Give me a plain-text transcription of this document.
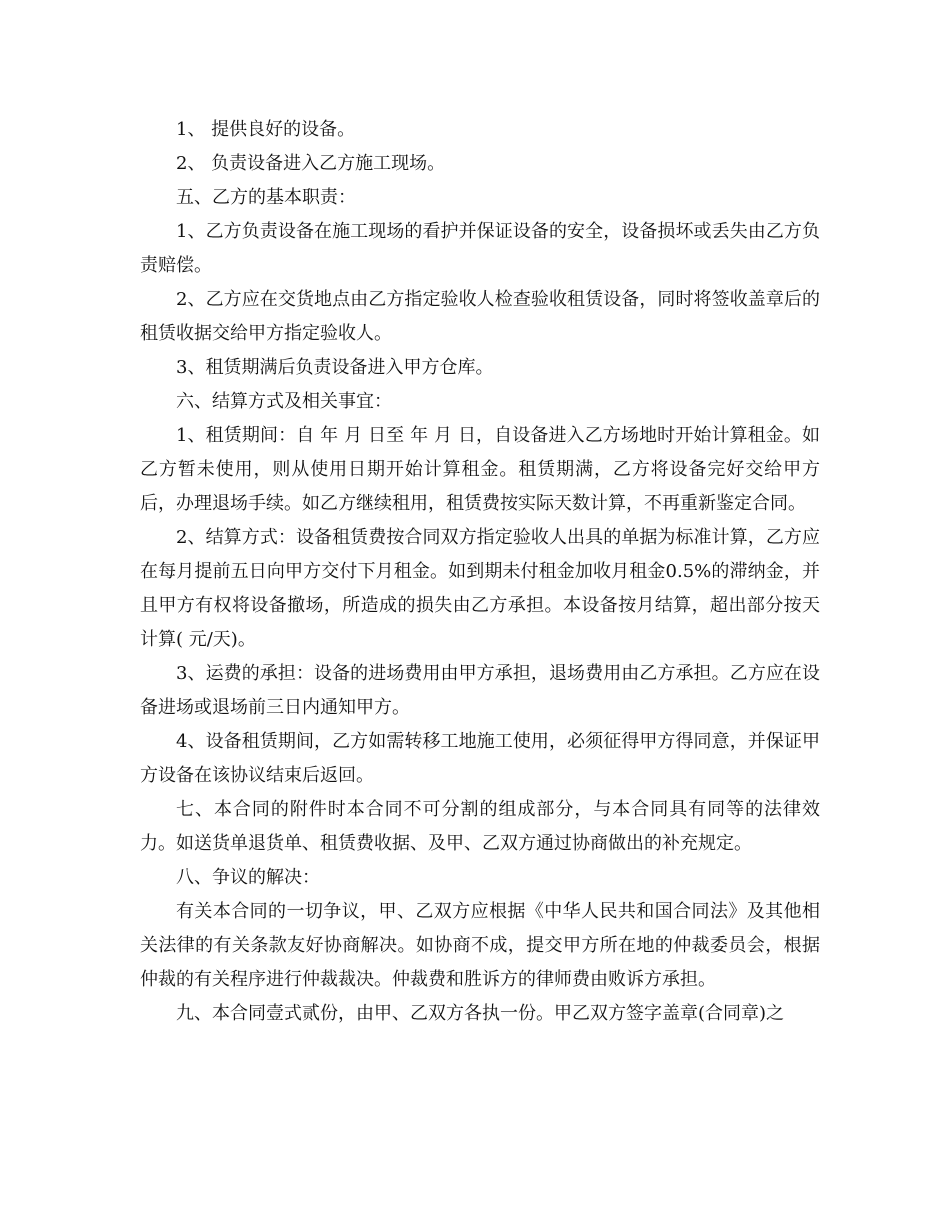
1、 提供良好的设备。

2、 负责设备进入乙方施工现场。

五、乙方的基本职责：

1、乙方负责设备在施工现场的看护并保证设备的安全，设备损坏或丢失由乙方负责赔偿。

2、乙方应在交货地点由乙方指定验收人检查验收租赁设备，同时将签收盖章后的租赁收据交给甲方指定验收人。

3、租赁期满后负责设备进入甲方仓库。

六、结算方式及相关事宜：

1、租赁期间：自 年 月 日至 年 月 日，自设备进入乙方场地时开始计算租金。如乙方暂未使用，则从使用日期开始计算租金。租赁期满，乙方将设备完好交给甲方后，办理退场手续。如乙方继续租用，租赁费按实际天数计算，不再重新鉴定合同。

2、结算方式：设备租赁费按合同双方指定验收人出具的单据为标准计算，乙方应在每月提前五日向甲方交付下月租金。如到期未付租金加收月租金0.5%的滞纳金，并且甲方有权将设备撤场，所造成的损失由乙方承担。本设备按月结算，超出部分按天计算( 元/天)。

3、运费的承担：设备的进场费用由甲方承担，退场费用由乙方承担。乙方应在设备进场或退场前三日内通知甲方。

4、设备租赁期间，乙方如需转移工地施工使用，必须征得甲方得同意，并保证甲方设备在该协议结束后返回。

七、本合同的附件时本合同不可分割的组成部分，与本合同具有同等的法律效力。如送货单退货单、租赁费收据、及甲、乙双方通过协商做出的补充规定。

八、争议的解决：

有关本合同的一切争议，甲、乙双方应根据《中华人民共和国合同法》及其他相关法律的有关条款友好协商解决。如协商不成，提交甲方所在地的仲裁委员会，根据仲裁的有关程序进行仲裁裁决。仲裁费和胜诉方的律师费由败诉方承担。

九、本合同壹式贰份，由甲、乙双方各执一份。甲乙双方签字盖章(合同章)之
